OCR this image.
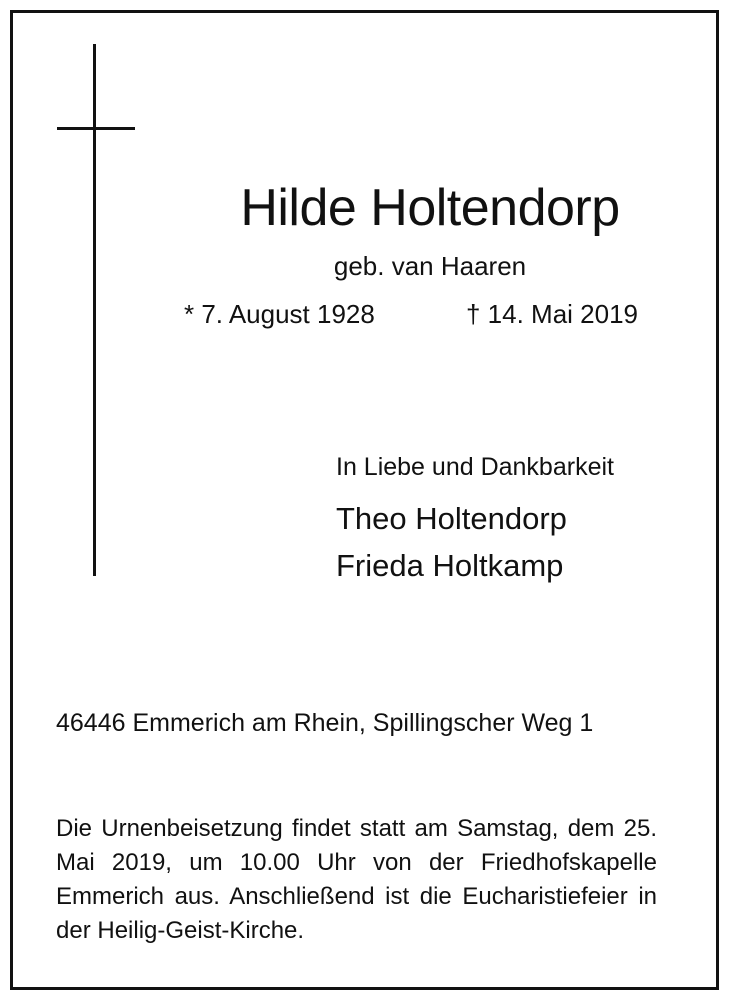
Hilde Holtendorp
geb. van Haaren
* 7. August 1928	† 14. Mai 2019
In Liebe und Dankbarkeit
Theo Holtendorp
Frieda Holtkamp
46446 Emmerich am Rhein, Spillingscher Weg 1
Die Urnenbeisetzung findet statt am Samstag, dem 25. Mai 2019, um 10.00 Uhr von der Friedhofskapelle Emmerich aus. Anschließend ist die Eucharistiefeier in der Heilig-Geist-Kirche.
